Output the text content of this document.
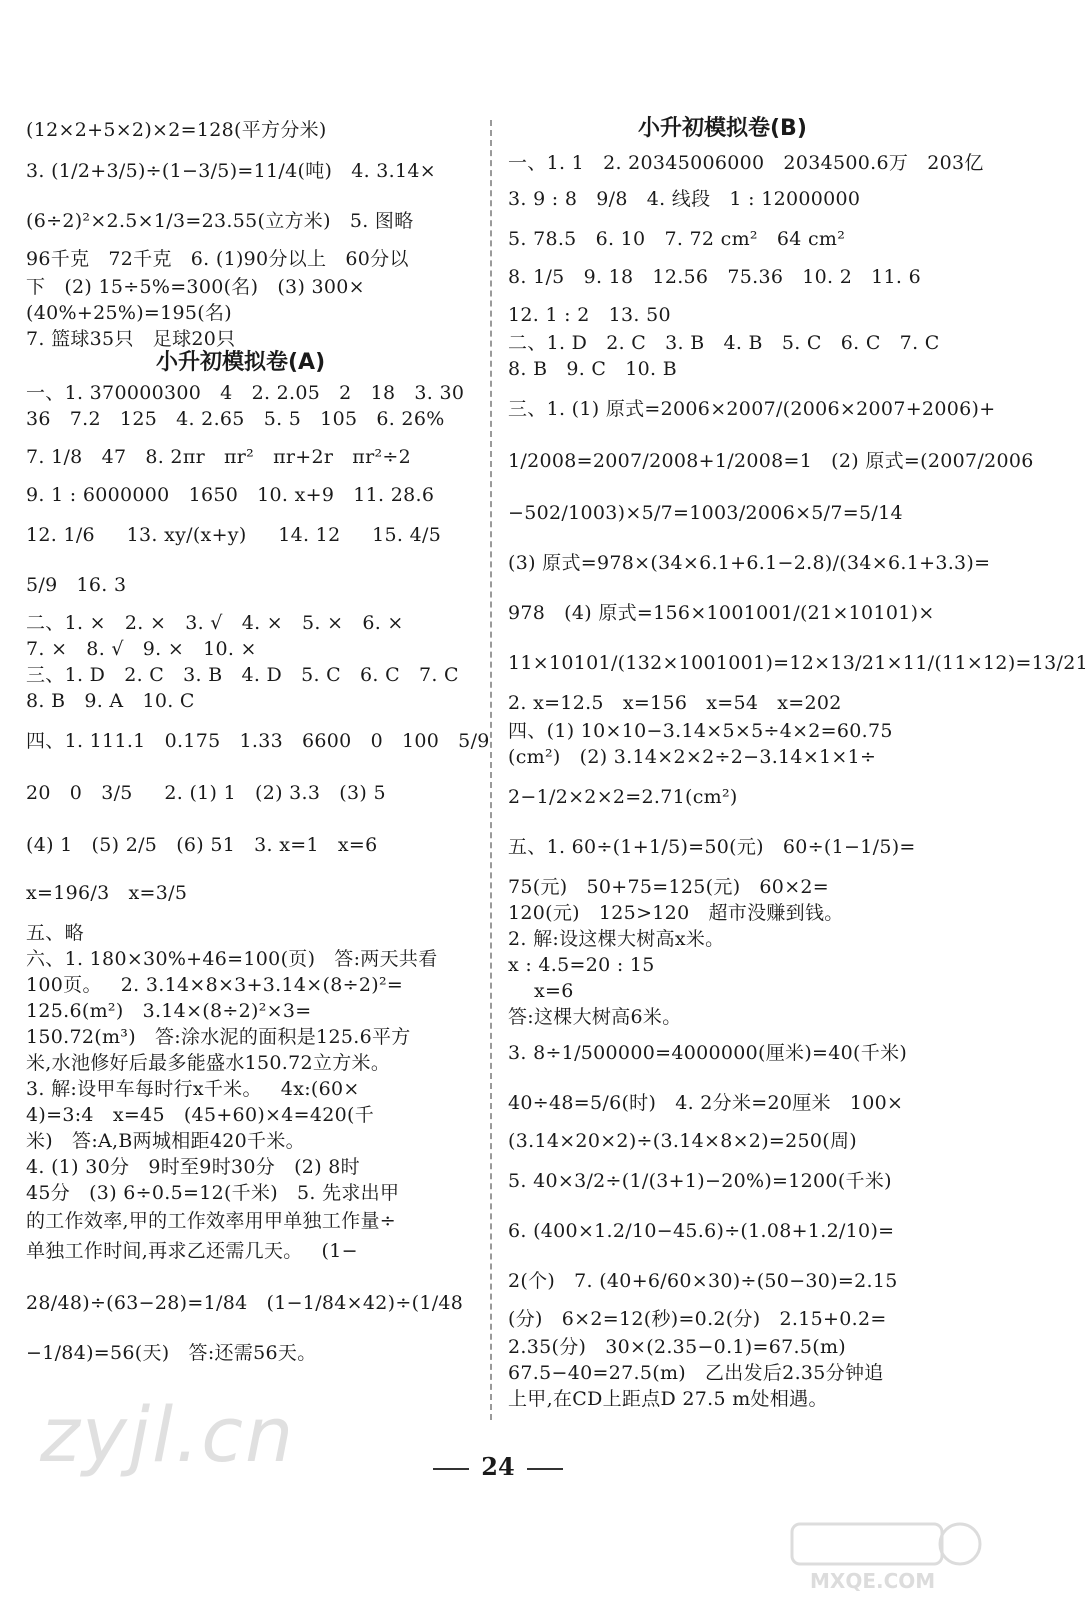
(12×2+5×2)×2=128(平方分米)
3. (1/2+3/5)÷(1−3/5)=11/4(吨)   4. 3.14×
(6÷2)²×2.5×1/3=23.55(立方米)   5. 图略
96千克   72千克   6. (1)90分以上   60分以
下   (2) 15÷5%=300(名)   (3) 300×
(40%+25%)=195(名)
7. 篮球35只   足球20只
小升初模拟卷(A)
一、1. 370000300   4   2. 2.05   2   18   3. 30
36   7.2   125   4. 2.65   5. 5   105   6. 26%
7. 1/8   47   8. 2πr   πr²   πr+2r   πr²÷2
9. 1 : 6000000   1650   10. x+9   11. 28.6
12. 1/6     13. xy/(x+y)     14. 12     15. 4/5
5/9   16. 3
二、1. ×   2. ×   3. √   4. ×   5. ×   6. ×
7. ×   8. √   9. ×   10. ×
三、1. D   2. C   3. B   4. D   5. C   6. C   7. C
8. B   9. A   10. C
四、1. 111.1   0.175   1.33   6600   0   100   5/9
20   0   3/5     2. (1) 1   (2) 3.3   (3) 5
(4) 1   (5) 2/5   (6) 51   3. x=1   x=6
x=196/3   x=3/5
五、略
六、1. 180×30%+46=100(页)   答:两天共看
100页。   2. 3.14×8×3+3.14×(8÷2)²=
125.6(m²)   3.14×(8÷2)²×3=
150.72(m³)   答:涂水泥的面积是125.6平方
米,水池修好后最多能盛水150.72立方米。
3. 解:设甲车每时行x千米。   4x:(60×
4)=3:4   x=45   (45+60)×4=420(千
米)   答:A,B两城相距420千米。
4. (1) 30分   9时至9时30分   (2) 8时
45分   (3) 6÷0.5=12(千米)   5. 先求出甲
的工作效率,甲的工作效率用甲单独工作量÷
单独工作时间,再求乙还需几天。   (1−
28/48)÷(63−28)=1/84   (1−1/84×42)÷(1/48
−1/84)=56(天)   答:还需56天。
小升初模拟卷(B)
一、1. 1   2. 20345006000   2034500.6万   203亿
3. 9 : 8   9/8   4. 线段   1 : 12000000
5. 78.5   6. 10   7. 72 cm²   64 cm²
8. 1/5   9. 18   12.56   75.36   10. 2   11. 6
12. 1 : 2   13. 50
二、1. D   2. C   3. B   4. B   5. C   6. C   7. C
8. B   9. C   10. B
三、1. (1) 原式=2006×2007/(2006×2007+2006)+
1/2008=2007/2008+1/2008=1   (2) 原式=(2007/2006
−502/1003)×5/7=1003/2006×5/7=5/14
(3) 原式=978×(34×6.1+6.1−2.8)/(34×6.1+3.3)=
978   (4) 原式=156×1001001/(21×10101)×
11×10101/(132×1001001)=12×13/21×11/(11×12)=13/21
2. x=12.5   x=156   x=54   x=202
四、(1) 10×10−3.14×5×5÷4×2=60.75
(cm²)   (2) 3.14×2×2÷2−3.14×1×1÷
2−1/2×2×2=2.71(cm²)
五、1. 60÷(1+1/5)=50(元)   60÷(1−1/5)=
75(元)   50+75=125(元)   60×2=
120(元)   125>120   超市没赚到钱。
2. 解:设这棵大树高x米。
x : 4.5=20 : 15
x=6
答:这棵大树高6米。
3. 8÷1/500000=4000000(厘米)=40(千米)
40÷48=5/6(时)   4. 2分米=20厘米   100×
(3.14×20×2)÷(3.14×8×2)=250(周)
5. 40×3/2÷(1/(3+1)−20%)=1200(千米)
6. (400×1.2/10−45.6)÷(1.08+1.2/10)=
2(个)   7. (40+6/60×30)÷(50−30)=2.15
(分)   6×2=12(秒)=0.2(分)   2.15+0.2=
2.35(分)   30×(2.35−0.1)=67.5(m)
67.5−40=27.5(m)   乙出发后2.35分钟追
上甲,在CD上距点D 27.5 m处相遇。
24
zyjl.cn
MXQE.COM
